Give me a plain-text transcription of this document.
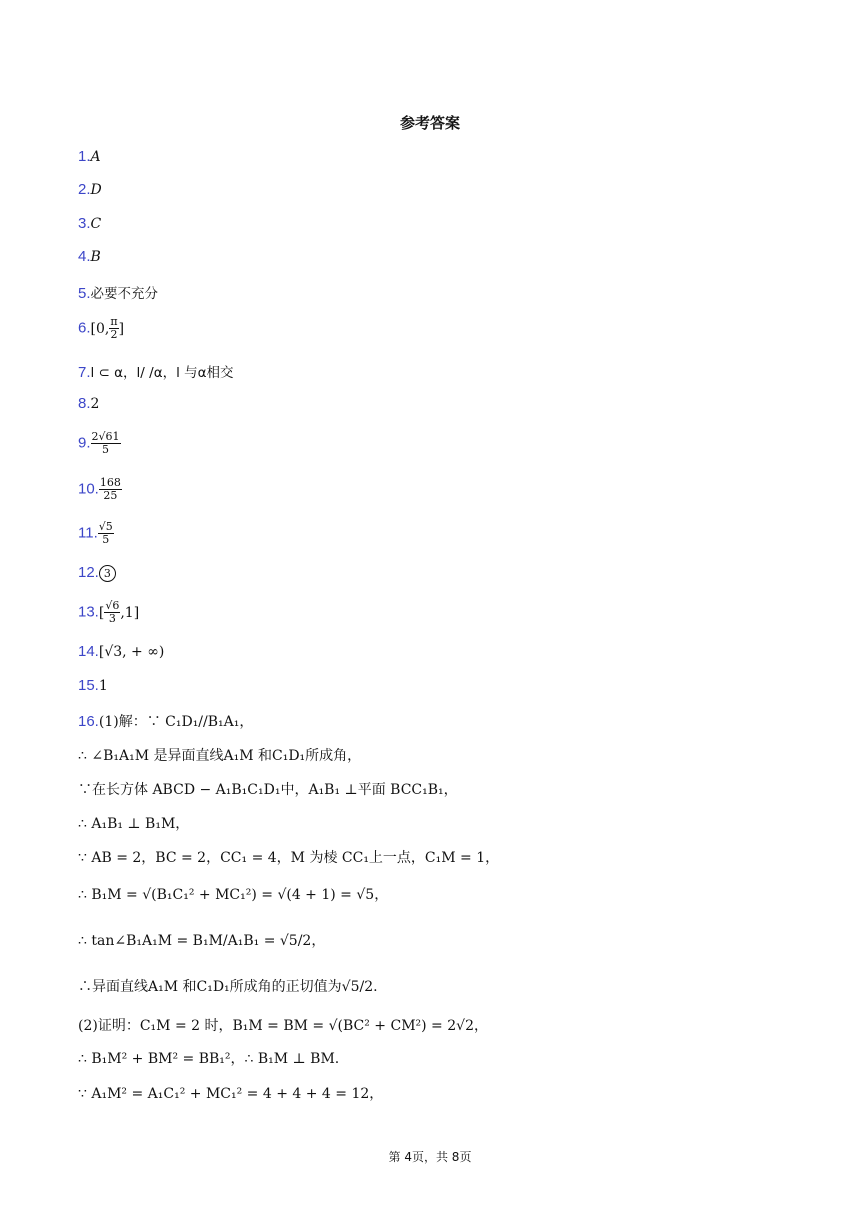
参考答案
1.A
2.D
3.C
4.B
5.必要不充分
6.[0, $\frac{\pi}{2}$ ]
7.l ⊂ α，l/ /α，l 与α相交
8.2
9. $\frac{2√61}{5}$
10. $\frac{168}{25}$
11. $\frac{√5}{5}$
12. 3
$13.[ \frac{√6}{3} ,1]$
14.[√3, + ∞)
15.1
16.(1)解：∵ C₁D₁//B₁A₁，
∴ ∠B₁A₁M 是异面直线A₁M 和C₁D₁所成角，
∵在长方体 ABCD − A₁B₁C₁D₁中，A₁B₁ ⊥平面 BCC₁B₁，
∴ A₁B₁ ⊥ B₁M，
∵ AB = 2，BC = 2，CC₁ = 4，M 为棱 CC₁上一点，C₁M = 1，
∴ B₁M = √(B₁C₁² + MC₁²) = √(4 + 1) = √5，
∴ tan∠B₁A₁M = B₁M/A₁B₁ = √5/2，
∴异面直线A₁M 和C₁D₁所成角的正切值为√5/2.
(2)证明：C₁M = 2 时，B₁M = BM = √(BC² + CM²) = 2√2，
∴ B₁M² + BM² = BB₁²，∴ B₁M ⊥ BM.
∵ A₁M² = A₁C₁² + MC₁² = 4 + 4 + 4 = 12，
第 4页，共 8页
